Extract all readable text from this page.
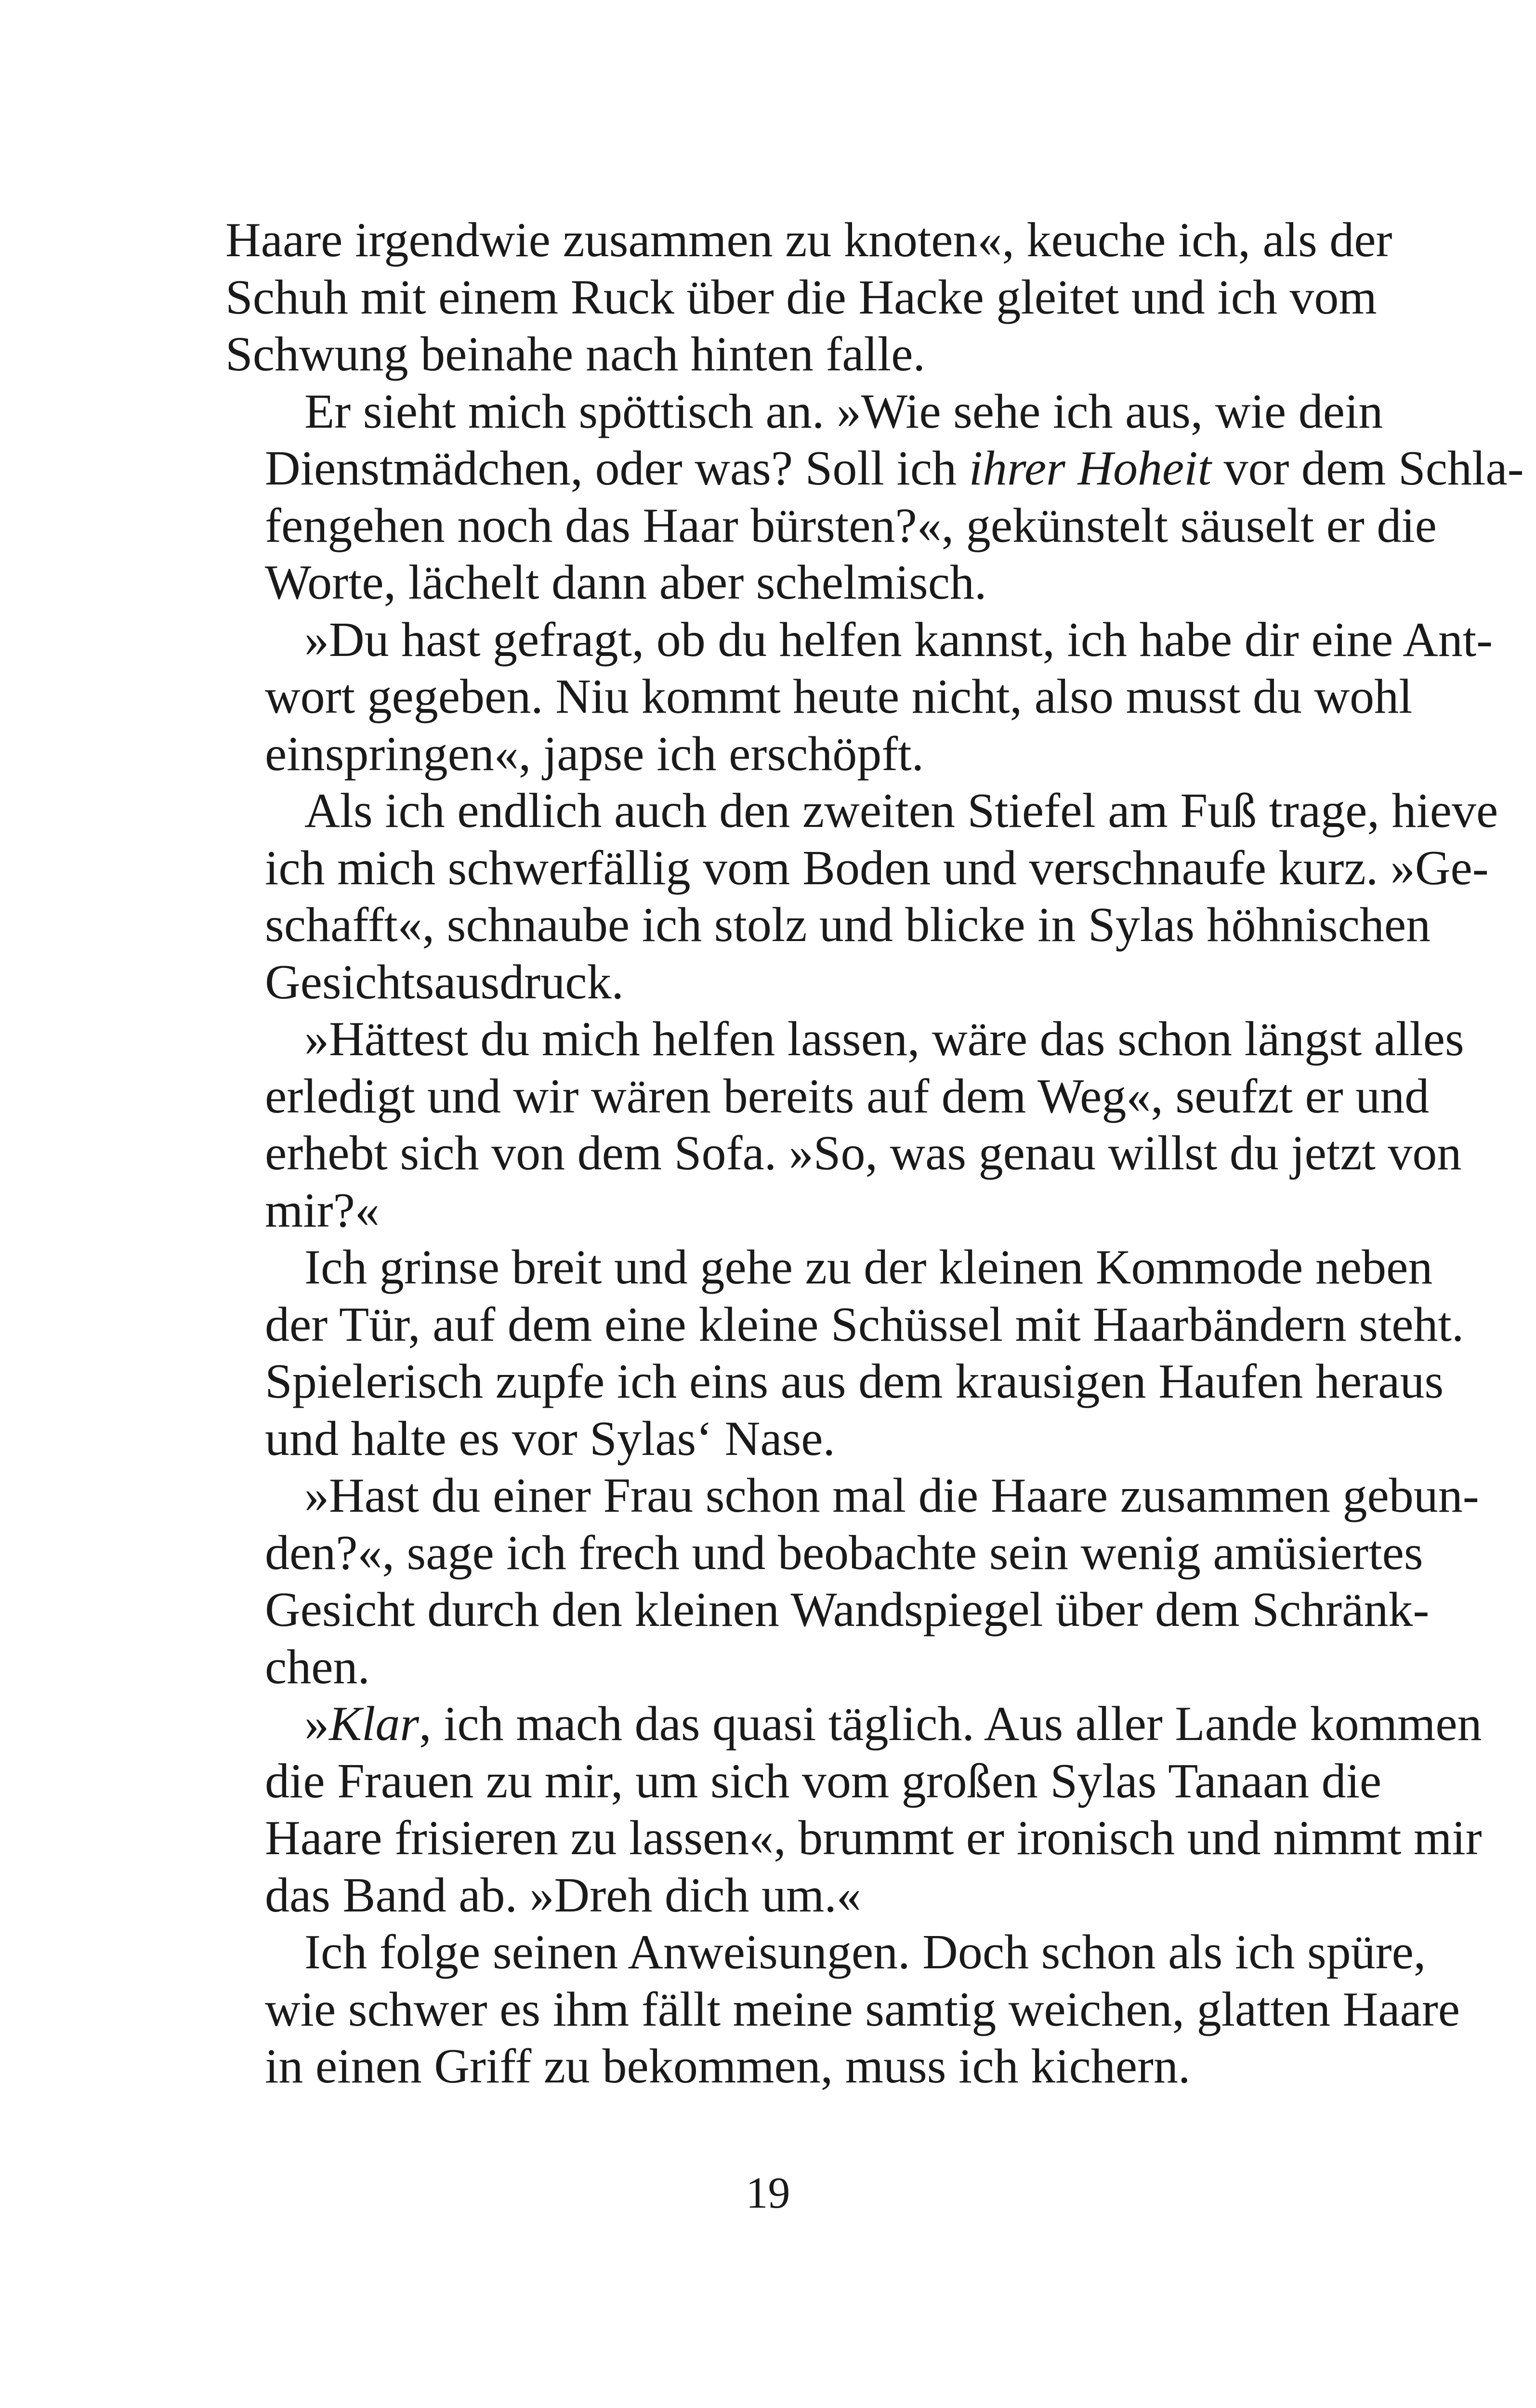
Haare irgendwie zusammen zu knoten«, keuche ich, als der
Schuh mit einem Ruck über die Hacke gleitet und ich vom
Schwung beinahe nach hinten falle.
Er sieht mich spöttisch an. »Wie sehe ich aus, wie dein
Dienstmädchen, oder was? Soll ich ihrer Hoheit vor dem Schla-
fengehen noch das Haar bürsten?«, gekünstelt säuselt er die
Worte, lächelt dann aber schelmisch.
»Du hast gefragt, ob du helfen kannst, ich habe dir eine Ant-
wort gegeben. Niu kommt heute nicht, also musst du wohl
einspringen«, japse ich erschöpft.
Als ich endlich auch den zweiten Stiefel am Fuß trage, hieve
ich mich schwerfällig vom Boden und verschnaufe kurz. »Ge-
schafft«, schnaube ich stolz und blicke in Sylas höhnischen
Gesichtsausdruck.
»Hättest du mich helfen lassen, wäre das schon längst alles
erledigt und wir wären bereits auf dem Weg«, seufzt er und
erhebt sich von dem Sofa. »So, was genau willst du jetzt von
mir?«
Ich grinse breit und gehe zu der kleinen Kommode neben
der Tür, auf dem eine kleine Schüssel mit Haarbändern steht.
Spielerisch zupfe ich eins aus dem krausigen Haufen heraus
und halte es vor Sylas‘ Nase.
»Hast du einer Frau schon mal die Haare zusammen gebun-
den?«, sage ich frech und beobachte sein wenig amüsiertes
Gesicht durch den kleinen Wandspiegel über dem Schränk-
chen.
»Klar, ich mach das quasi täglich. Aus aller Lande kommen
die Frauen zu mir, um sich vom großen Sylas Tanaan die
Haare frisieren zu lassen«, brummt er ironisch und nimmt mir
das Band ab. »Dreh dich um.«
Ich folge seinen Anweisungen. Doch schon als ich spüre,
wie schwer es ihm fällt meine samtig weichen, glatten Haare
in einen Griff zu bekommen, muss ich kichern.
19
